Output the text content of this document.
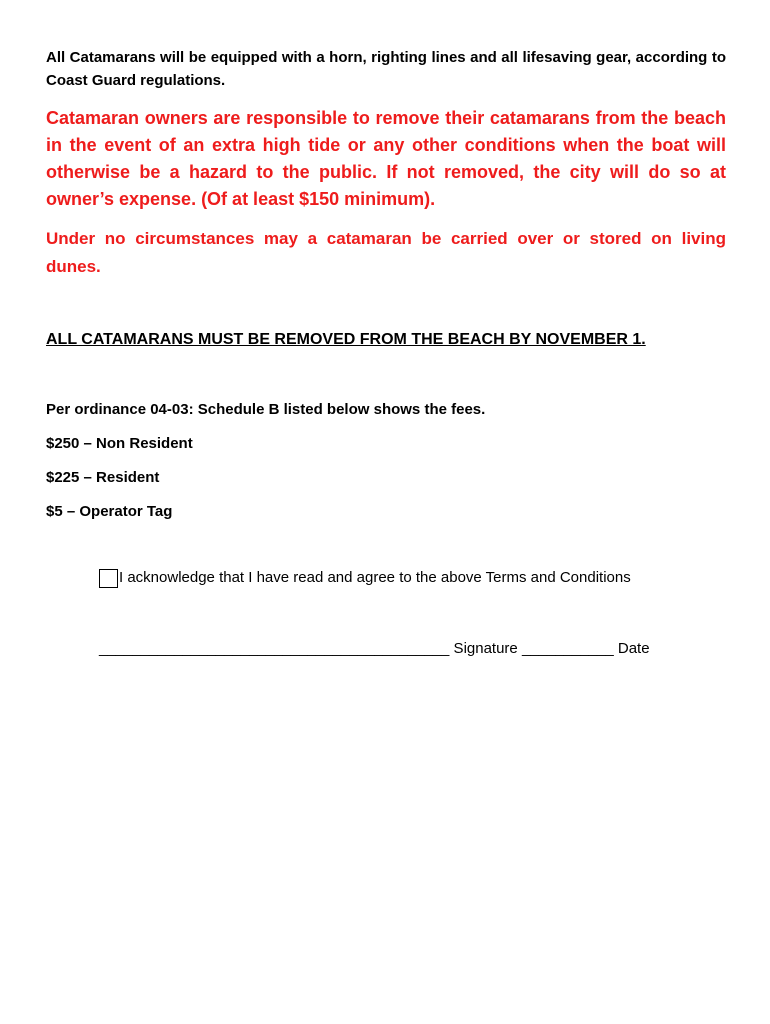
All Catamarans will be equipped with a horn, righting lines and all lifesaving gear, according to Coast Guard regulations.
Catamaran owners are responsible to remove their catamarans from the beach in the event of an extra high tide or any other conditions when the boat will otherwise be a hazard to the public. If not removed, the city will do so at owner’s expense. (Of at least $150 minimum).
Under no circumstances may a catamaran be carried over or stored on living dunes.
ALL CATAMARANS MUST BE REMOVED FROM THE BEACH BY NOVEMBER 1.
Per ordinance 04-03: Schedule B listed below shows the fees.
$250 – Non Resident
$225 – Resident
$5 – Operator Tag
I acknowledge that I have read and agree to the above Terms and Conditions
__________________________________________ Signature ___________ Date
